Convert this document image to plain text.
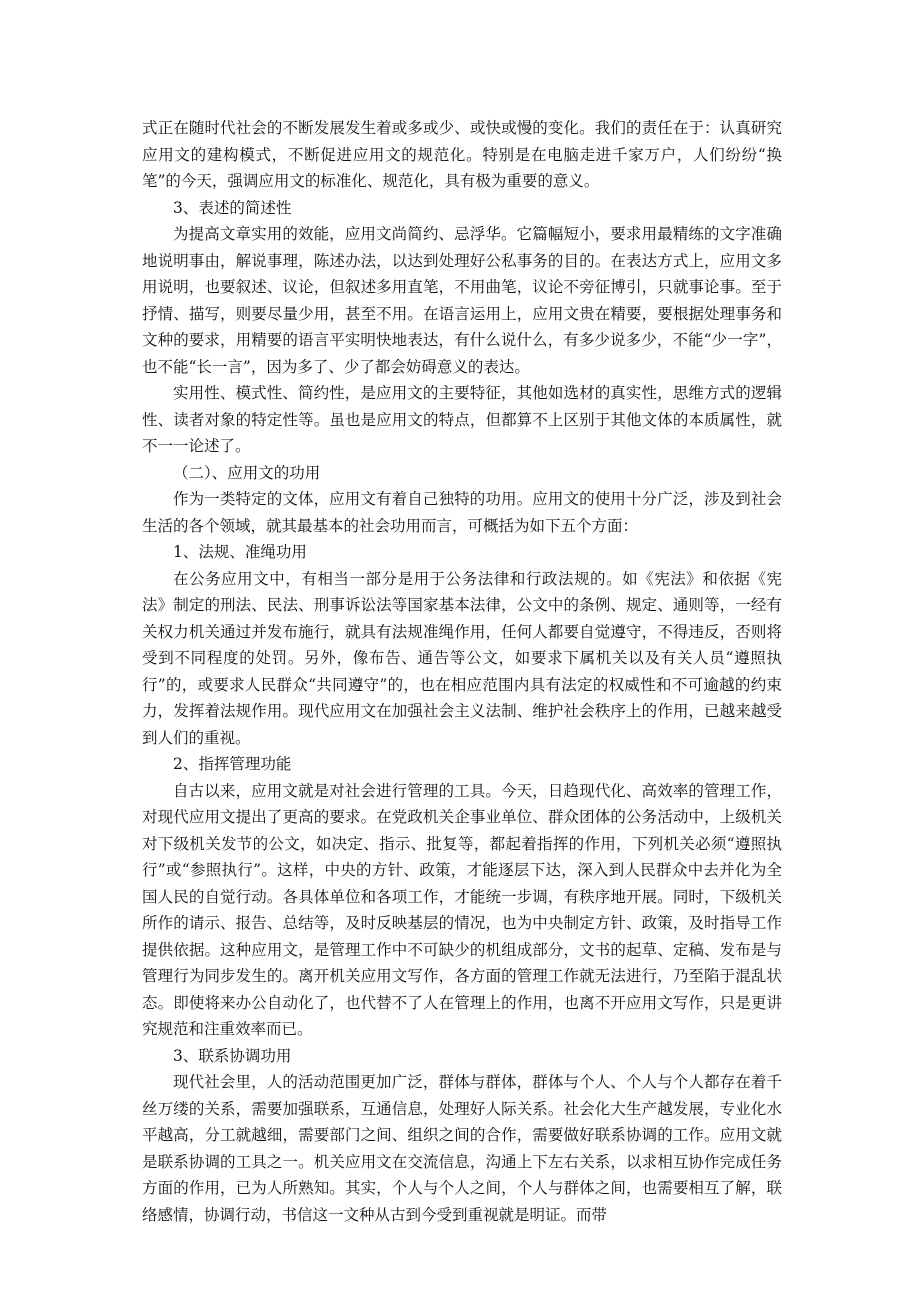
式正在随时代社会的不断发展发生着或多或少、或快或慢的变化。我们的责任在于：认真研究应用文的建构模式，不断促进应用文的规范化。特别是在电脑走进千家万户，人们纷纷“换笔”的今天，强调应用文的标准化、规范化，具有极为重要的意义。

3、表述的简述性

为提高文章实用的效能，应用文尚简约、忌浮华。它篇幅短小，要求用最精练的文字准确地说明事由，解说事理，陈述办法，以达到处理好公私事务的目的。在表达方式上，应用文多用说明，也要叙述、议论，但叙述多用直笔，不用曲笔，议论不旁征博引，只就事论事。至于抒情、描写，则要尽量少用，甚至不用。在语言运用上，应用文贵在精要，要根据处理事务和文种的要求，用精要的语言平实明快地表达，有什么说什么，有多少说多少，不能“少一字”，也不能“长一言”，因为多了、少了都会妨碍意义的表达。

实用性、模式性、简约性，是应用文的主要特征，其他如选材的真实性，思维方式的逻辑性、读者对象的特定性等。虽也是应用文的特点，但都算不上区别于其他文体的本质属性，就不一一论述了。

（二）、应用文的功用

作为一类特定的文体，应用文有着自己独特的功用。应用文的使用十分广泛，涉及到社会生活的各个领域，就其最基本的社会功用而言，可概括为如下五个方面：

1、法规、准绳功用

在公务应用文中，有相当一部分是用于公务法律和行政法规的。如《宪法》和依据《宪法》制定的刑法、民法、刑事诉讼法等国家基本法律，公文中的条例、规定、通则等，一经有关权力机关通过并发布施行，就具有法规准绳作用，任何人都要自觉遵守，不得违反，否则将受到不同程度的处罚。另外，像布告、通告等公文，如要求下属机关以及有关人员“遵照执行”的，或要求人民群众“共同遵守”的，也在相应范围内具有法定的权威性和不可逾越的约束力，发挥着法规作用。现代应用文在加强社会主义法制、维护社会秩序上的作用，已越来越受到人们的重视。

2、指挥管理功能

自古以来，应用文就是对社会进行管理的工具。今天，日趋现代化、高效率的管理工作，对现代应用文提出了更高的要求。在党政机关企事业单位、群众团体的公务活动中，上级机关对下级机关发节的公文，如决定、指示、批复等，都起着指挥的作用，下列机关必须“遵照执行”或“参照执行”。这样，中央的方针、政策，才能逐层下达，深入到人民群众中去并化为全国人民的自觉行动。各具体单位和各项工作，才能统一步调，有秩序地开展。同时，下级机关所作的请示、报告、总结等，及时反映基层的情况，也为中央制定方针、政策，及时指导工作提供依据。这种应用文，是管理工作中不可缺少的机组成部分，文书的起草、定稿、发布是与管理行为同步发生的。离开机关应用文写作，各方面的管理工作就无法进行，乃至陷于混乱状态。即使将来办公自动化了，也代替不了人在管理上的作用，也离不开应用文写作，只是更讲究规范和注重效率而已。

3、联系协调功用

现代社会里，人的活动范围更加广泛，群体与群体，群体与个人、个人与个人都存在着千丝万缕的关系，需要加强联系，互通信息，处理好人际关系。社会化大生产越发展，专业化水平越高，分工就越细，需要部门之间、组织之间的合作，需要做好联系协调的工作。应用文就是联系协调的工具之一。机关应用文在交流信息，沟通上下左右关系，以求相互协作完成任务方面的作用，已为人所熟知。其实，个人与个人之间，个人与群体之间，也需要相互了解，联络感情，协调行动，书信这一文种从古到今受到重视就是明证。而带
